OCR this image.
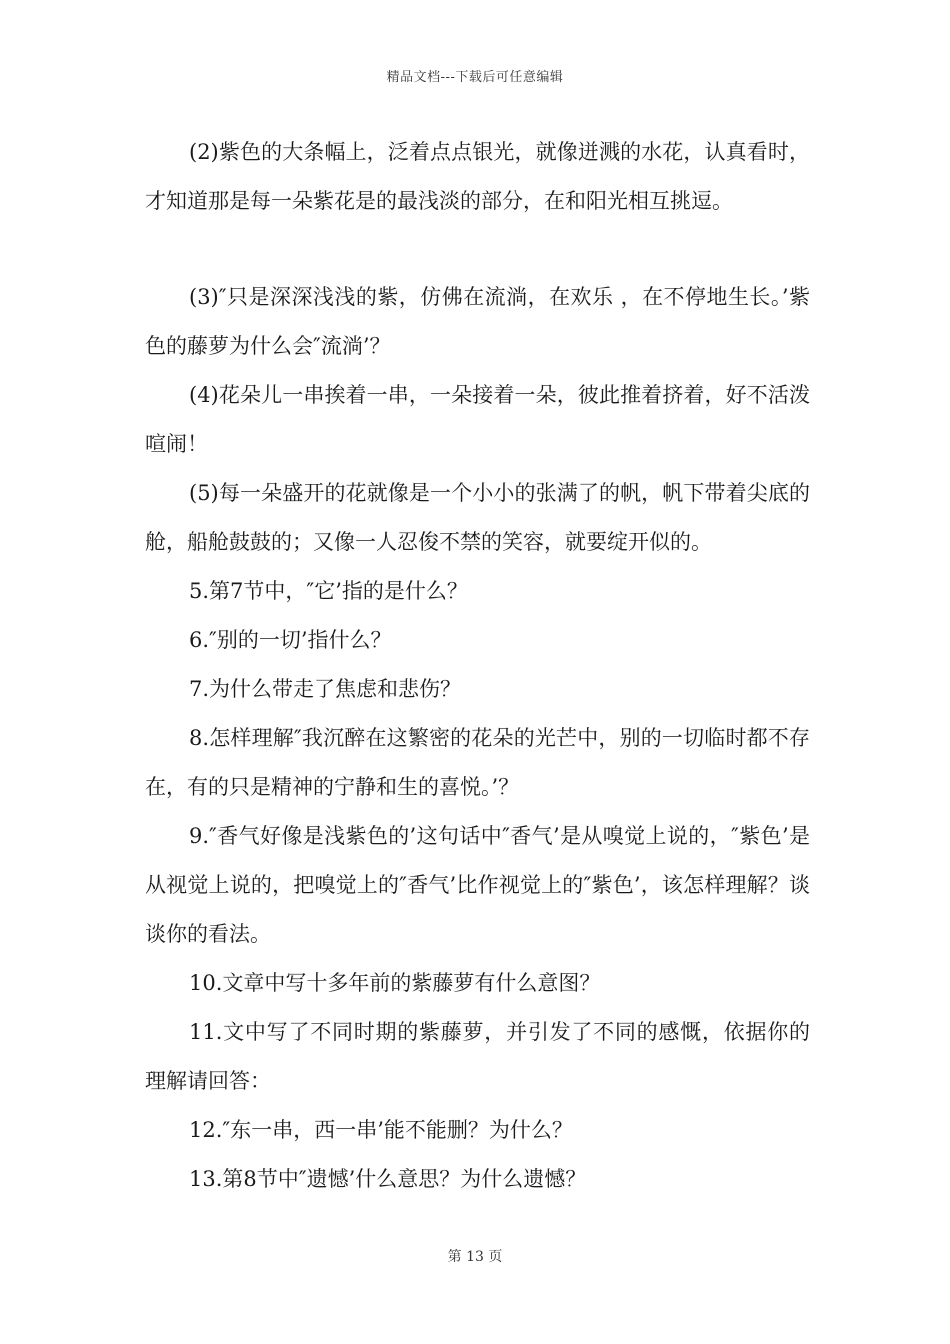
精品文档---下载后可任意编辑

(2)紫色的大条幅上，泛着点点银光，就像迸溅的水花，认真看时，才知道那是每一朵紫花是的最浅淡的部分，在和阳光相互挑逗。

(3)″只是深深浅浅的紫，仿佛在流淌，在欢乐 ，在不停地生长。’紫色的藤萝为什么会″流淌’？

(4)花朵儿一串挨着一串，一朵接着一朵，彼此推着挤着，好不活泼喧闹！

(5)每一朵盛开的花就像是一个小小的张满了的帆，帆下带着尖底的舱，船舱鼓鼓的；又像一人忍俊不禁的笑容，就要绽开似的。

5.第7节中，″它’指的是什么？

6.″别的一切’指什么？

7.为什么带走了焦虑和悲伤？

8.怎样理解″我沉醉在这繁密的花朵的光芒中，别的一切临时都不存在，有的只是精神的宁静和生的喜悦。’？

9.″香气好像是浅紫色的’这句话中″香气’是从嗅觉上说的，″紫色’是从视觉上说的，把嗅觉上的″香气’比作视觉上的″紫色’，该怎样理解？谈谈你的看法。

10.文章中写十多年前的紫藤萝有什么意图？

11.文中写了不同时期的紫藤萝，并引发了不同的感慨，依据你的理解请回答：

12.″东一串，西一串’能不能删？为什么？

13.第8节中″遗憾’什么意思？为什么遗憾？

第 13 页
